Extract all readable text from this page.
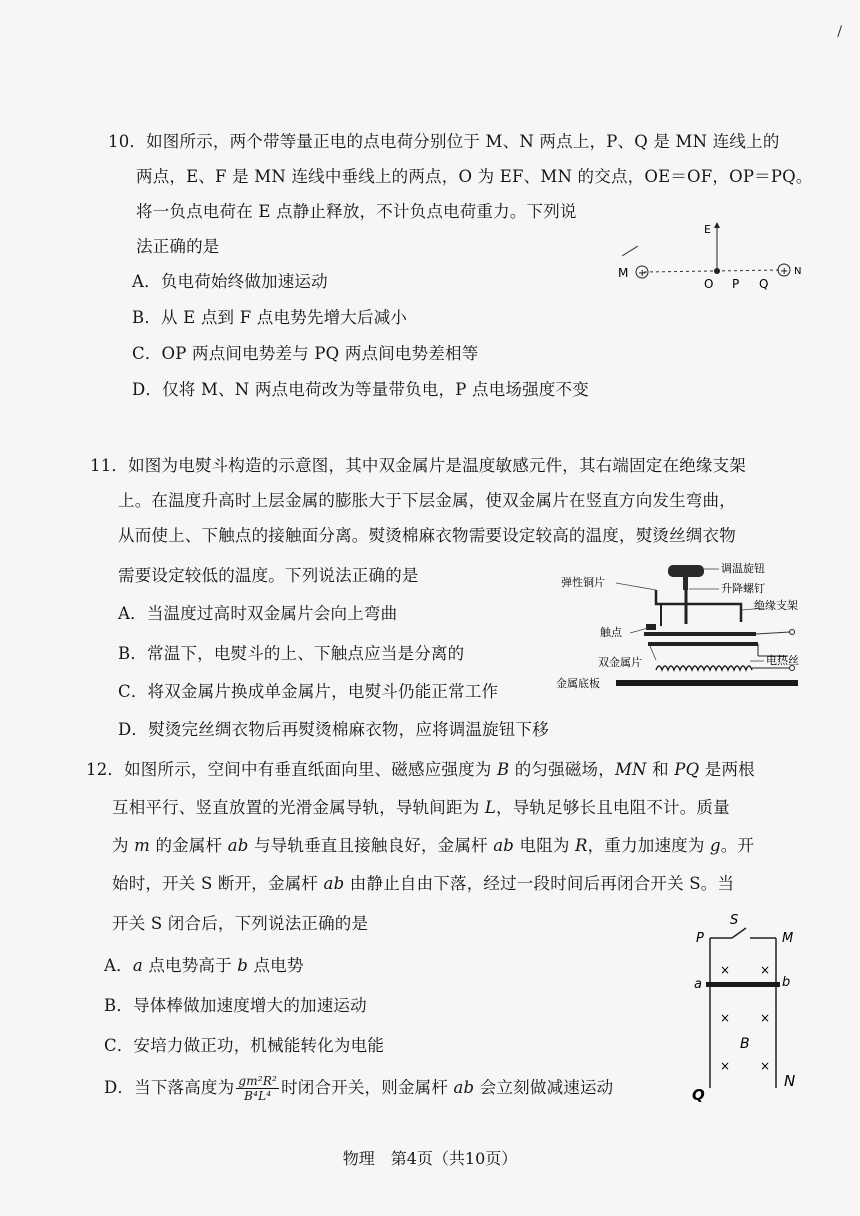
/
10．如图所示，两个带等量正电的点电荷分别位于 M、N 两点上，P、Q 是 MN 连线上的
两点，E、F 是 MN 连线中垂线上的两点，O 为 EF、MN 的交点，OE＝OF，OP＝PQ。
将一负点电荷在 E 点静止释放，不计负点电荷重力。下列说
法正确的是
A．负电荷始终做加速运动
B．从 E 点到 F 点电势先增大后减小
C．OP 两点间电势差与 PQ 两点间电势差相等
D．仅将 M、N 两点电荷改为等量带负电，P 点电场强度不变
E
M +
O P Q
+ N
11．如图为电熨斗构造的示意图，其中双金属片是温度敏感元件，其右端固定在绝缘支架
上。在温度升高时上层金属的膨胀大于下层金属，使双金属片在竖直方向发生弯曲，
从而使上、下触点的接触面分离。熨烫棉麻衣物需要设定较高的温度，熨烫丝绸衣物
需要设定较低的温度。下列说法正确的是
A．当温度过高时双金属片会向上弯曲
B．常温下，电熨斗的上、下触点应当是分离的
C．将双金属片换成单金属片，电熨斗仍能正常工作
D．熨烫完丝绸衣物后再熨烫棉麻衣物，应将调温旋钮下移
调温旋钮
弹性铜片	升降螺钉
绝缘支架
触点
双金属片	电热丝
金属底板
12．如图所示，空间中有垂直纸面向里、磁感应强度为 B 的匀强磁场，MN 和 PQ 是两根
互相平行、竖直放置的光滑金属导轨，导轨间距为 L，导轨足够长且电阻不计。质量
为 m 的金属杆 ab 与导轨垂直且接触良好，金属杆 ab 电阻为 R，重力加速度为 g。开
始时，开关 S 断开，金属杆 ab 由静止自由下落，经过一段时间后再闭合开关 S。当
开关 S 闭合后，下列说法正确的是
A．a 点电势高于 b 点电势
B．导体棒做加速度增大的加速运动
C．安培力做正功，机械能转化为电能
D．当下落高度为 $\frac{\text{gm²R²}}{\text{B⁴L⁴}}$ 时闭合开关，则金属杆 ab 会立刻做减速运动
S
P	M
a	b
× ×
× ×
× ×
B
Q
N
物理　第4页（共10页）
